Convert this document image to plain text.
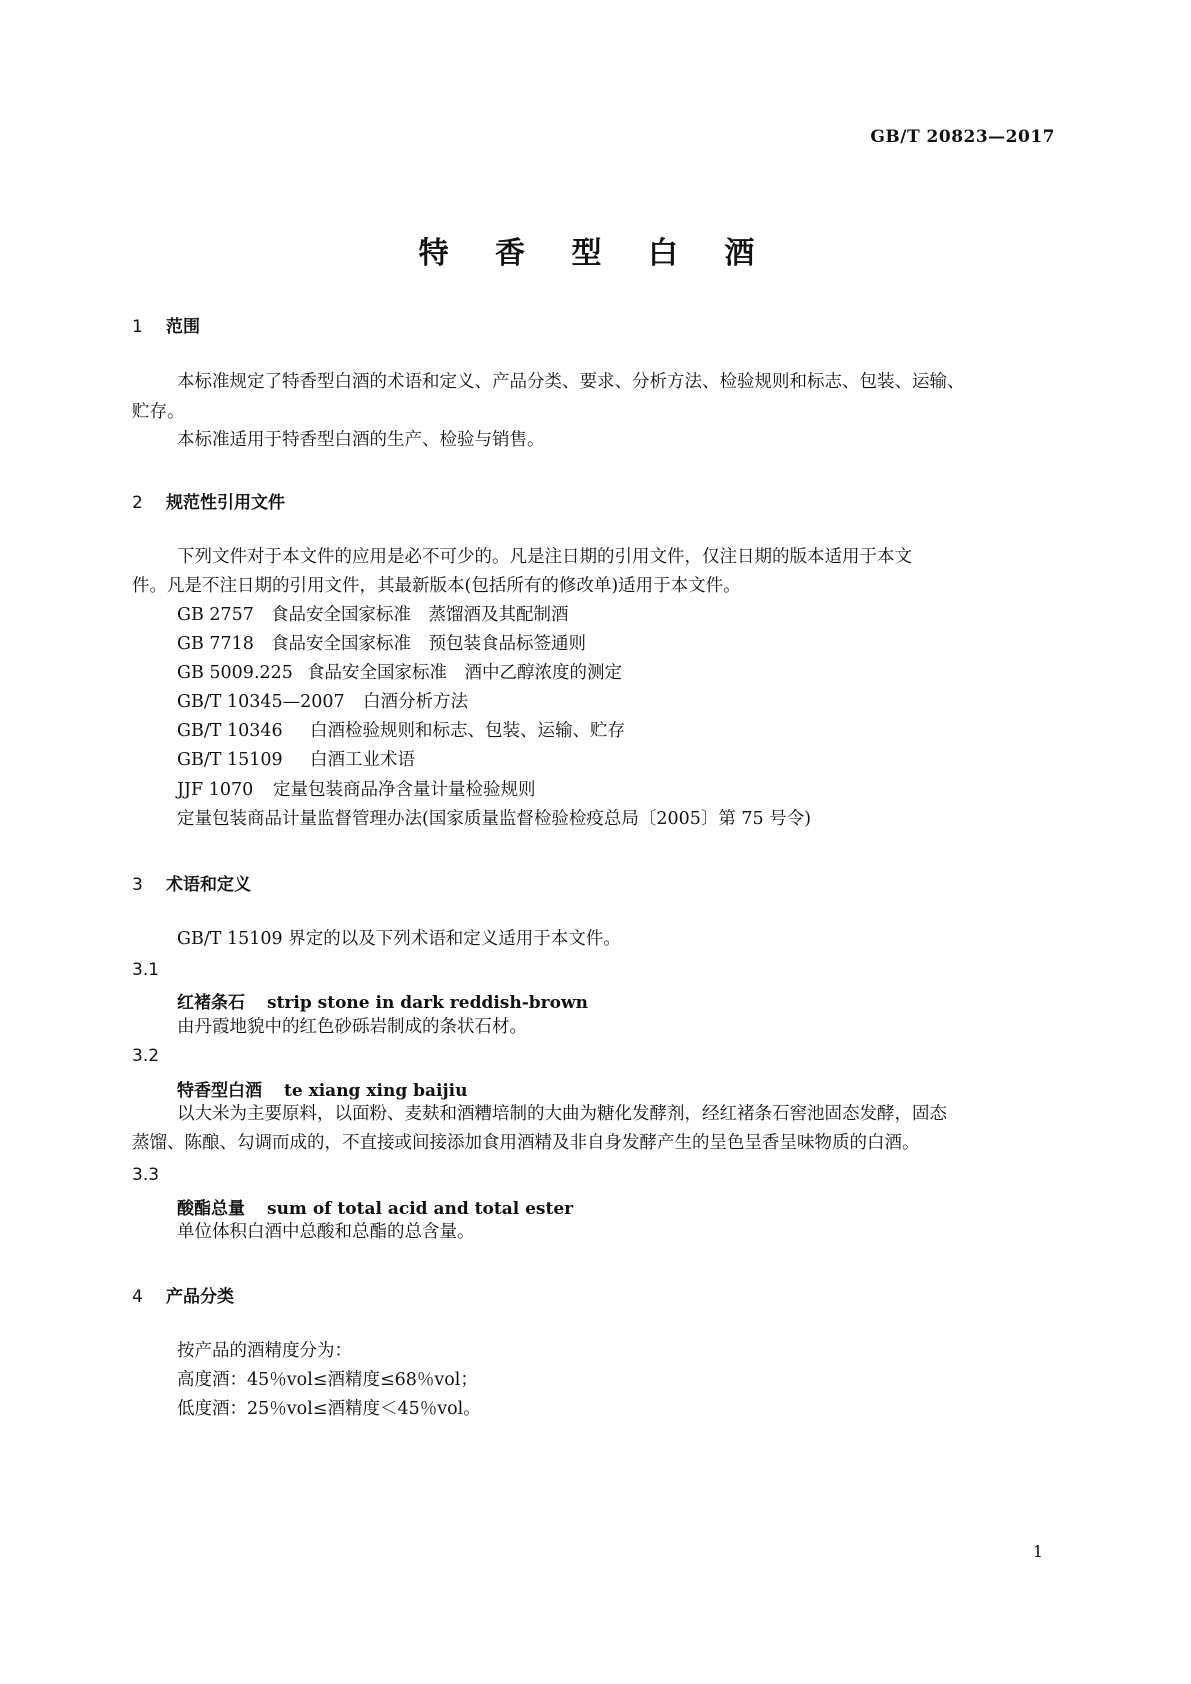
GB/T 20823—2017
特 香 型 白 酒
1 范围
本标准规定了特香型白酒的术语和定义、产品分类、要求、分析方法、检验规则和标志、包装、运输、
贮存。
本标准适用于特香型白酒的生产、检验与销售。
2 规范性引用文件
下列文件对于本文件的应用是必不可少的。凡是注日期的引用文件，仅注日期的版本适用于本文
件。凡是不注日期的引用文件，其最新版本(包括所有的修改单)适用于本文件。
GB 2757 食品安全国家标准　蒸馏酒及其配制酒
GB 7718 食品安全国家标准　预包装食品标签通则
GB 5009.225 食品安全国家标准　酒中乙醇浓度的测定
GB/T 10345—2007 白酒分析方法
GB/T 10346 白酒检验规则和标志、包装、运输、贮存
GB/T 15109 白酒工业术语
JJF 1070 定量包装商品净含量计量检验规则
定量包装商品计量监督管理办法(国家质量监督检验检疫总局〔2005〕第 75 号令)
3 术语和定义
GB/T 15109 界定的以及下列术语和定义适用于本文件。
3.1
红褚条石 strip stone in dark reddish-brown
由丹霞地貌中的红色砂砾岩制成的条状石材。
3.2
特香型白酒 te xiang xing baijiu
以大米为主要原料，以面粉、麦麸和酒糟培制的大曲为糖化发酵剂，经红褚条石窖池固态发酵，固态
蒸馏、陈酿、勾调而成的，不直接或间接添加食用酒精及非自身发酵产生的呈色呈香呈味物质的白酒。
3.3
酸酯总量 sum of total acid and total ester
单位体积白酒中总酸和总酯的总含量。
4 产品分类
按产品的酒精度分为：
高度酒：45％vol≤酒精度≤68％vol；
低度酒：25％vol≤酒精度＜45％vol。
1
